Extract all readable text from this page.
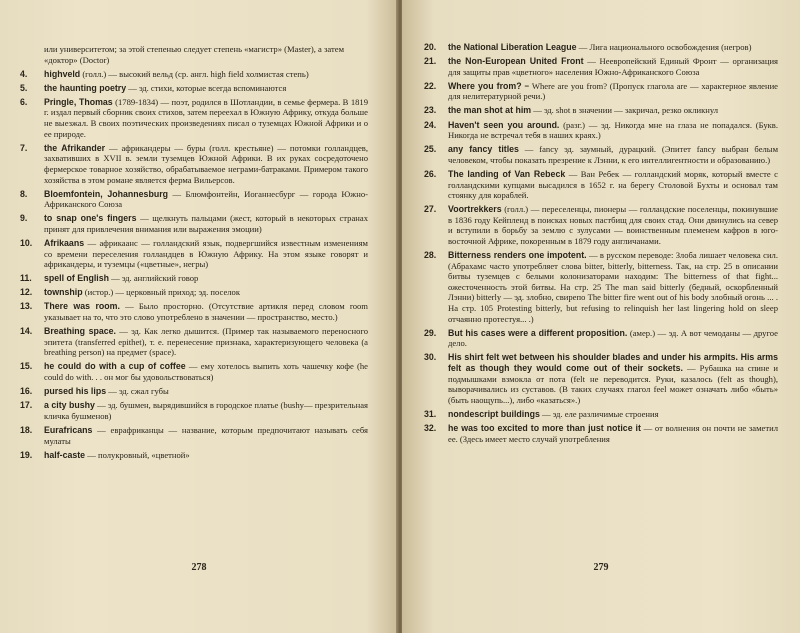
или университетом; за этой степенью следует степень «магистр» (Master), а затем «доктор» (Doctor)
4. highveld (голл.) — высокий вельд (ср. англ. high field холмистая степь)
5. the haunting poetry — эд. стихи, которые всегда вспоминаются
6. Pringle, Thomas (1789-1834) — поэт, родился в Шотландии, в семье фермера. В 1819 г. издал первый сборник своих стихов, затем переехал в Южную Африку, откуда больше не выезжал. В своих поэтических произведениях писал о туземцах Южной Африки и о ее природе.
7. the Afrikander — африкандеры — буры (голл. крестьяне) — потомки голландцев, захвативших в XVII в. земли туземцев Южной Африки. В их руках сосредоточено фермерское товарное хозяйство, обрабатываемое неграми-батраками. Примером такого хозяйства в этом романе является ферма Вильерсов.
8. Bloemfontein, Johannesburg — Блюмфонтейн, Иоганнесбург — города Южно-Африканского Союза
9. to snap one's fingers — щелкнуть пальцами (жест, который в некоторых странах принят для привлечения внимания или выражения эмоции)
10. Afrikaans — африкаанс — голландский язык, подвергшийся известным изменениям со времени переселения голландцев в Южную Африку. На этом языке говорят и африкандеры, и туземцы («цветные», негры)
11. spell of English — эд. английский говор
12. township (истор.) — церковный приход; эд. поселок
13. There was room. — Было просторно. (Отсутствие артикля перед словом room указывает на то, что это слово употреблено в значении — пространство, место.)
14. Breathing space. — эд. Как легко дышится. (Пример так называемого переносного эпитета (transferred epithet), т. е. перенесение признака, характеризующего человека (a breathing person) на предмет (space).
15. he could do with a cup of coffee — ему хотелось выпить хоть чашечку кофе (he could do with. . . он мог бы удовольствоваться)
16. pursed his lips — эд. сжал губы
17. a city bushy — эд. бушмен, вырядившийся в городское платье (bushy— презрительная кличка бушменов)
18. Eurafricans — еврафриканцы — название, которым предпочитают называть себя мулаты
19. half-caste — полукровный, «цветной»
278
20. the National Liberation League — Лига национального освобождения (негров)
21. the Non-European United Front — Неевропейский Единый Фронт — организация для защиты прав «цветного» населения Южно-Африканского Союза
22. Where you from? = Where are you from? (Пропуск глагола are — характерное явление для нелитературной речи.)
23. the man shot at him — эд. shot в значении — закричал, резко окликнул
24. Haven't seen you around. (разг.) — эд. Никогда мне на глаза не попадался. (Букв. Никогда не встречал тебя в наших краях.)
25. any fancy titles — fancy эд. заумный, дурацкий. (Эпитет fancy выбран белым человеком, чтобы показать презрение к Лэнни, к его интеллигентности и образованию.)
26. The landing of Van Rebeck — Ван Ребек — голландский моряк, который вместе с голландскими купцами высадился в 1652 г. на берегу Столовой Бухты и основал там стоянку для кораблей.
27. Voortrekkers (голл.) — переселенцы, пионеры — голландские поселенцы, покинувшие в 1836 году Кейпленд в поисках новых пастбищ для своих стад. Они двинулись на север и вступили в борьбу за землю с зулусами — воинственным племенем кафров в юго-восточной Африке, покоренным в 1879 году англичанами.
28. Bitterness renders one impotent. — в русском переводе: Злоба лишает человека сил. (Абрахамс часто употребляет слова bitter, bitterly, bitterness. Так, на стр. 25 в описании битвы туземцев с белыми колонизаторами находим: The bitterness of that fight... ожесточенность этой битвы. На стр. 25 The man said bitterly (бедный, оскорбленный Лэнни) bitterly — эд. злобно, свирепо The bitter fire went out of his body злобный огонь ... . На стр. 105 Protesting bitterly, but refusing to relinquish her last lingering hold on sleep отчаянно протестуя... .)
29. But his cases were a different proposition. (амер.) — эд. А вот чемоданы — другое дело.
30. His shirt felt wet between his shoulder blades and under his armpits. His arms felt as though they would come out of their sockets. — Рубашка на спине и подмышками взмокла от пота (felt не переводится. Руки, казалось (felt as though), выворачивались из суставов. (В таких случаях глагол feel может означать либо «быть» (быть наощупь...), либо «казаться».)
31. nondescript buildings — эд. еле различимые строения
32. he was too excited to more than just notice it — от волнения он почти не заметил ее. (Здесь имеет место случай употребления
279
